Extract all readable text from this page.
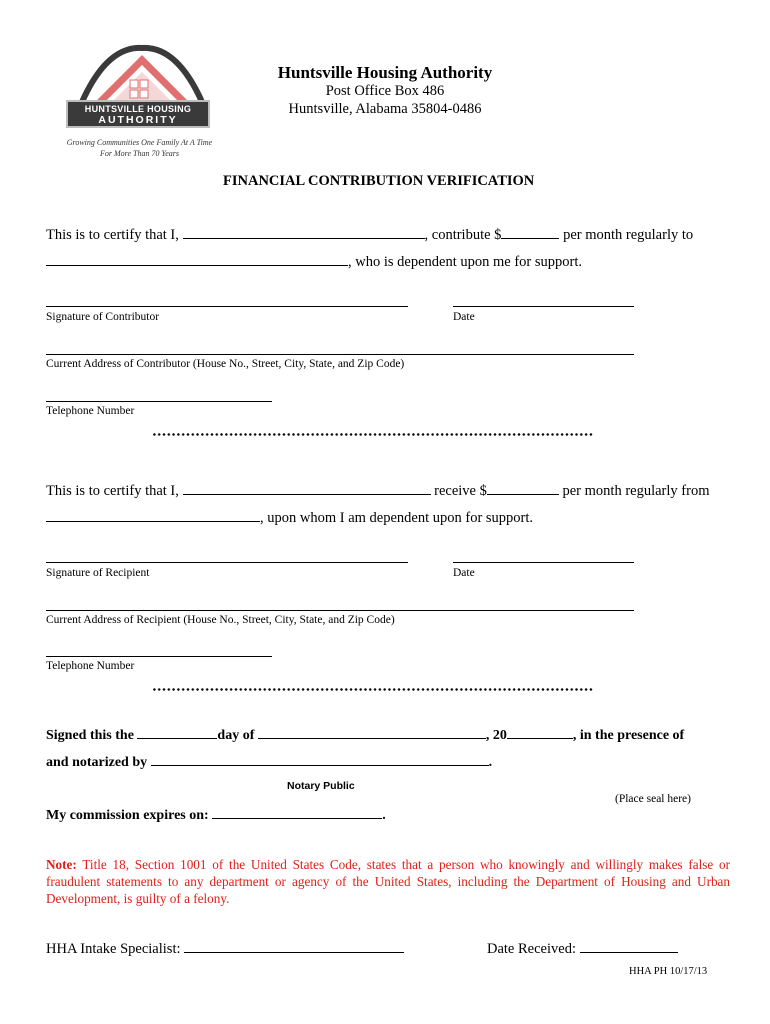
HUNTSVILLE HOUSING
AUTHORITY
Growing Communities One Family At A Time
For More Than 70 Years
Huntsville Housing Authority
Post Office Box 486
Huntsville, Alabama 35804-0486
FINANCIAL CONTRIBUTION VERIFICATION
This is to certify that I,	, contribute $	per month regularly to
, who is dependent upon me for support.
Signature of Contributor	Date
Current Address of Contributor (House No., Street, City, State, and Zip Code)
Telephone Number
This is to certify that I,	receive $	per month regularly from
, upon whom I am dependent upon for support.
Signature of Recipient	Date
Current Address of Recipient (House No., Street, City, State, and Zip Code)
Telephone Number
Signed this the	day of	, 20	, in the presence of
and notarized by	.
Notary Public
(Place seal here)
My commission expires on:	.
Note: Title 18, Section 1001 of the United States Code, states that a person who knowingly and willingly makes false or fraudulent statements to any department or agency of the United States, including the Department of Housing and Urban Development, is guilty of a felony.
HHA Intake Specialist:	Date Received:
HHA PH 10/17/13
